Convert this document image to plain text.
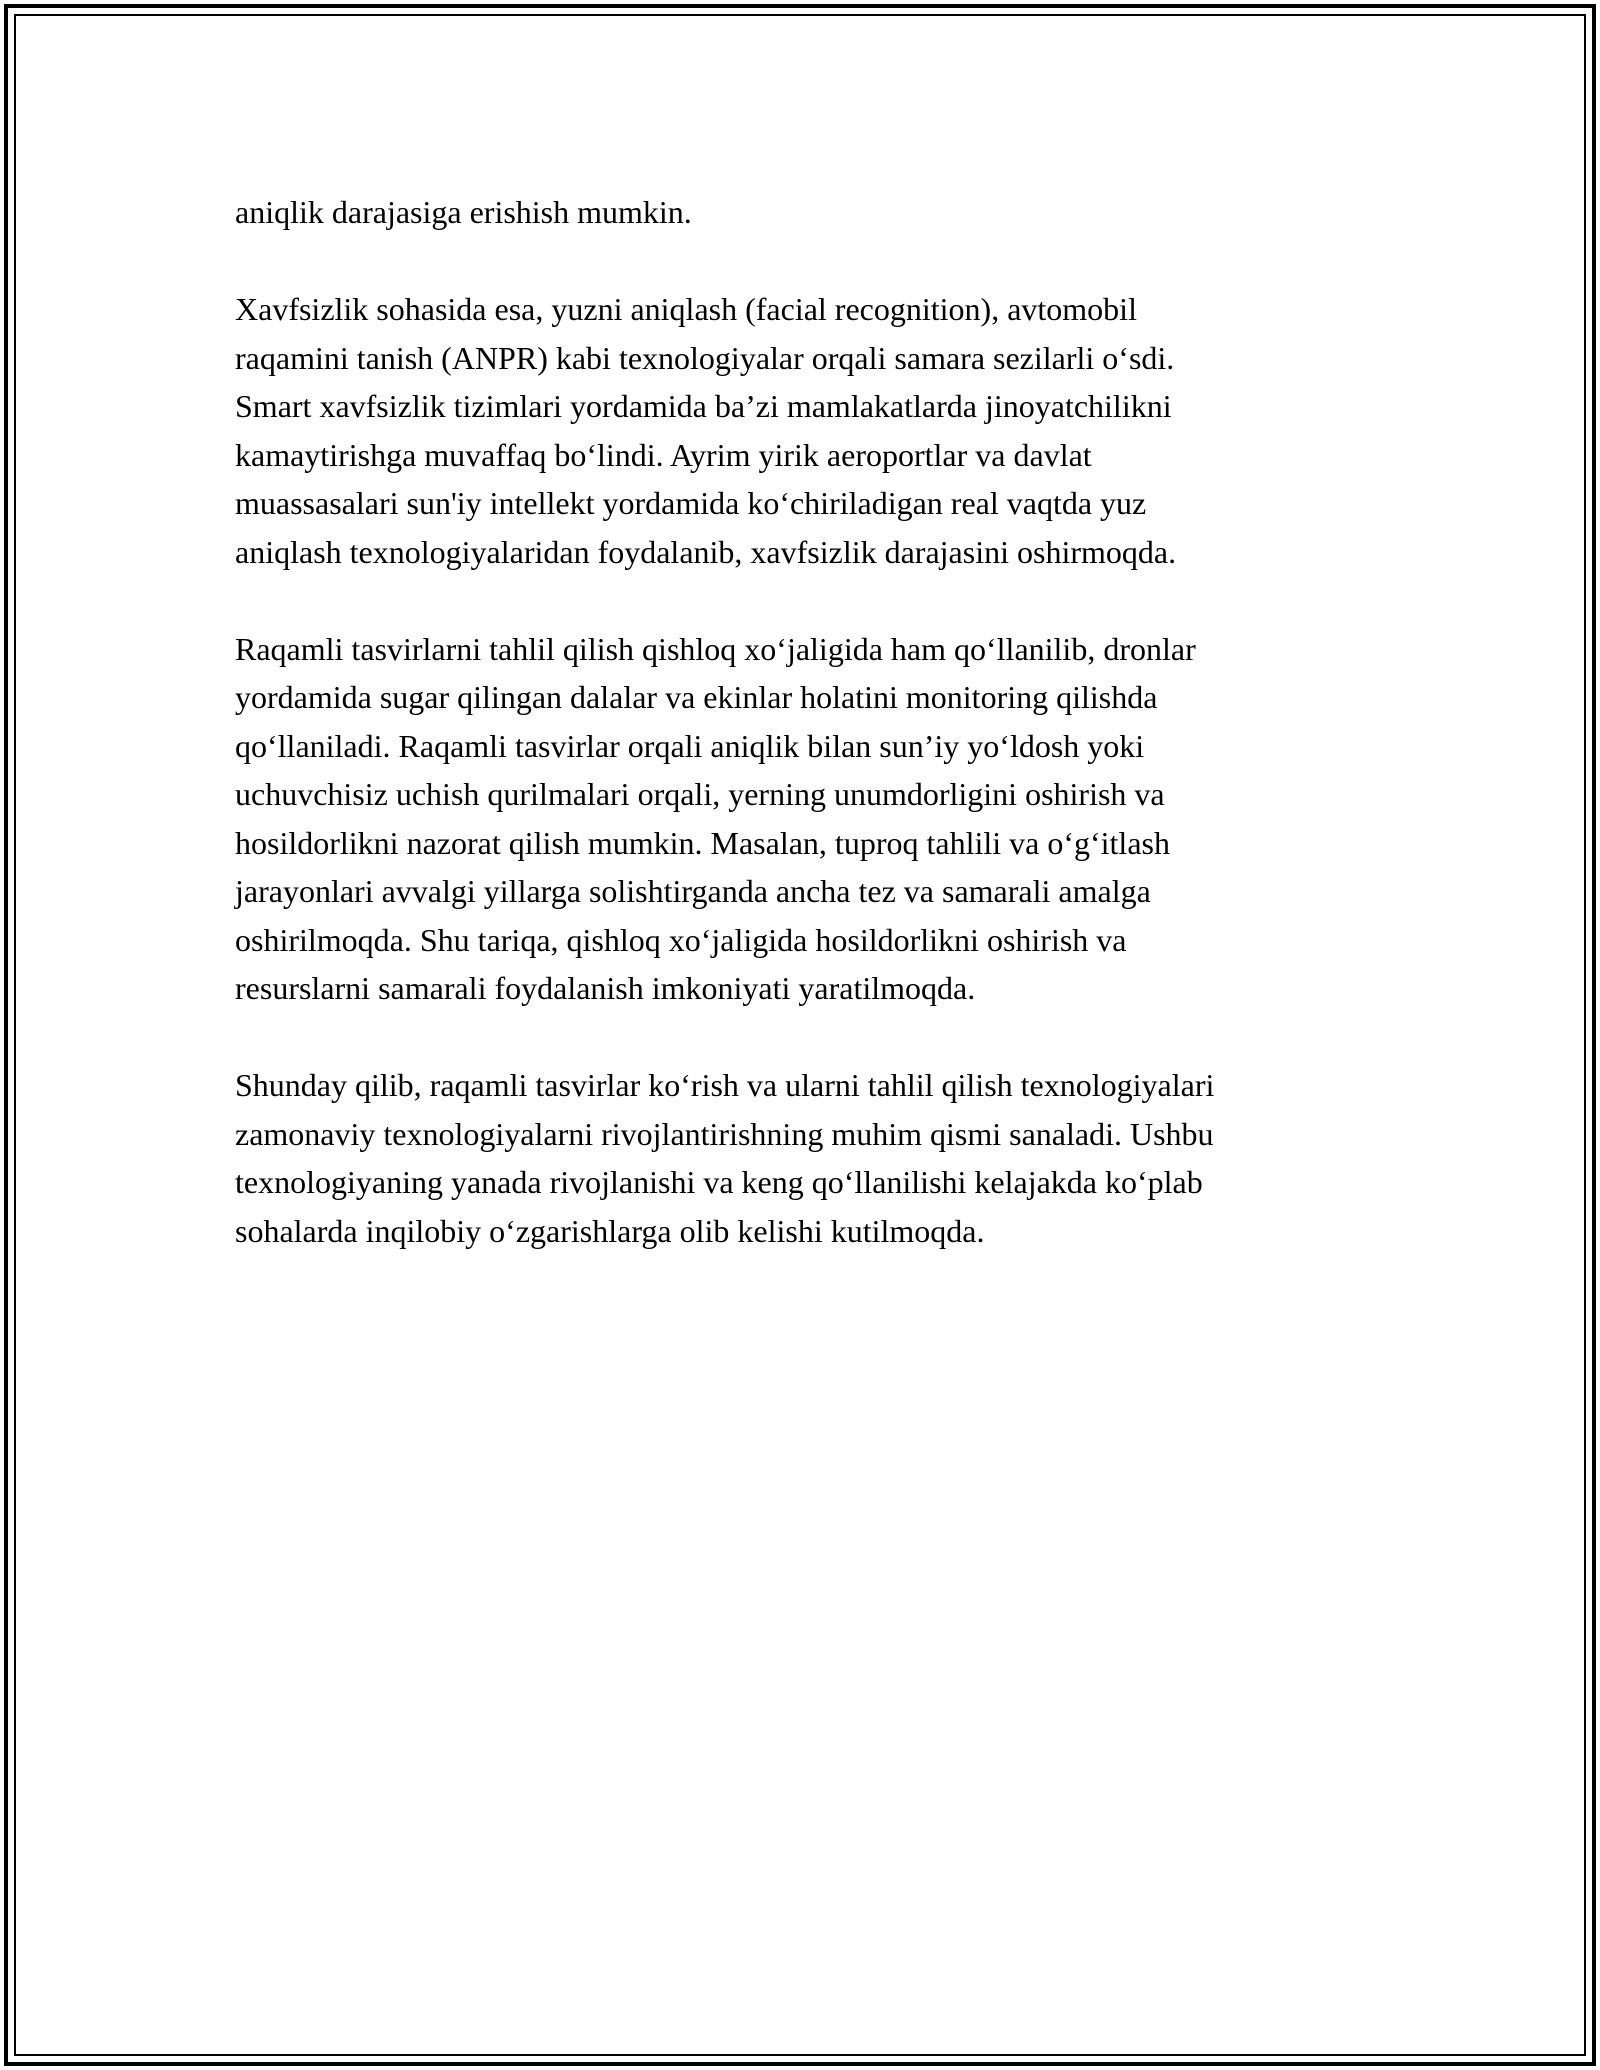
aniqlik darajasiga erishish mumkin.

Xavfsizlik sohasida esa, yuzni aniqlash (facial recognition), avtomobil
raqamini tanish (ANPR) kabi texnologiyalar orqali samara sezilarli o‘sdi.
Smart xavfsizlik tizimlari yordamida ba’zi mamlakatlarda jinoyatchilikni
kamaytirishga muvaffaq bo‘lindi. Ayrim yirik aeroportlar va davlat
muassasalari sun'iy intellekt yordamida ko‘chiriladigan real vaqtda yuz
aniqlash texnologiyalaridan foydalanib, xavfsizlik darajasini oshirmoqda.

Raqamli tasvirlarni tahlil qilish qishloq xo‘jaligida ham qo‘llanilib, dronlar
yordamida sugar qilingan dalalar va ekinlar holatini monitoring qilishda
qo‘llaniladi. Raqamli tasvirlar orqali aniqlik bilan sun’iy yo‘ldosh yoki
uchuvchisiz uchish qurilmalari orqali, yerning unumdorligini oshirish va
hosildorlikni nazorat qilish mumkin. Masalan, tuproq tahlili va o‘g‘itlash
jarayonlari avvalgi yillarga solishtirganda ancha tez va samarali amalga
oshirilmoqda. Shu tariqa, qishloq xo‘jaligida hosildorlikni oshirish va
resurslarni samarali foydalanish imkoniyati yaratilmoqda.

Shunday qilib, raqamli tasvirlar ko‘rish va ularni tahlil qilish texnologiyalari
zamonaviy texnologiyalarni rivojlantirishning muhim qismi sanaladi. Ushbu
texnologiyaning yanada rivojlanishi va keng qo‘llanilishi kelajakda ko‘plab
sohalarda inqilobiy o‘zgarishlarga olib kelishi kutilmoqda.
